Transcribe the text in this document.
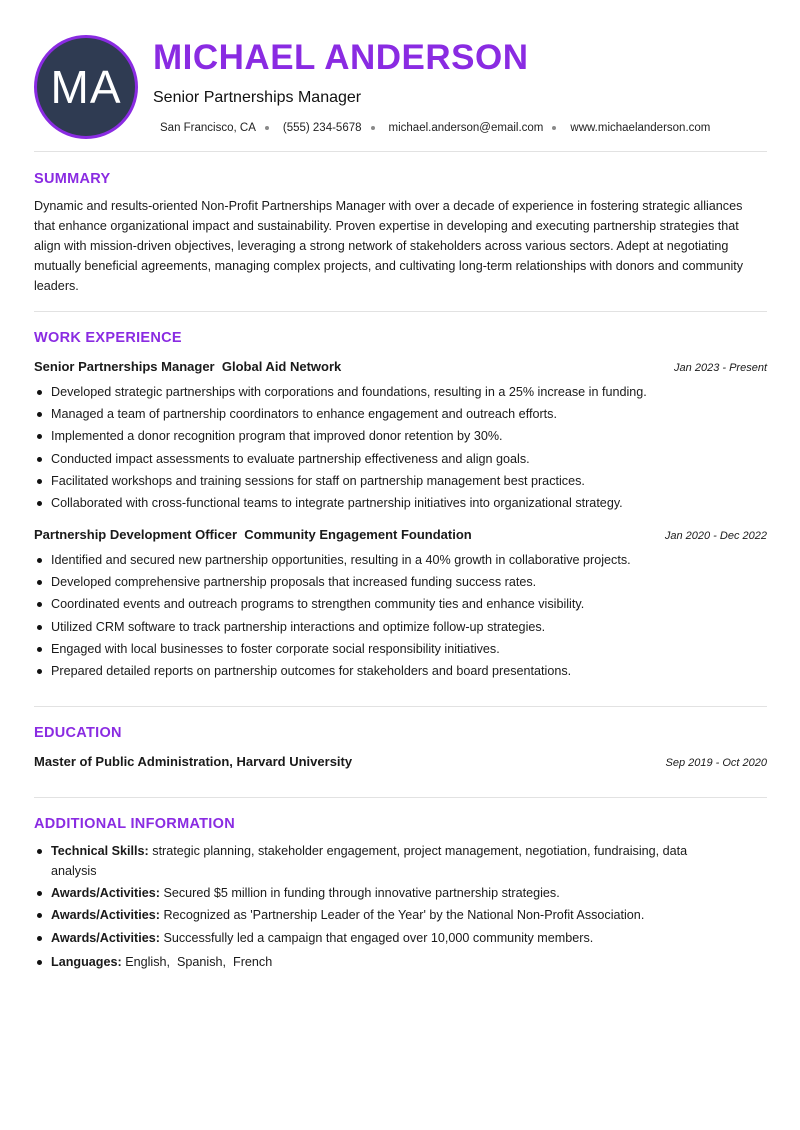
MA
MICHAEL ANDERSON
Senior Partnerships Manager
San Francisco, CA (555) 234-5678 michael.anderson@email.com www.michaelanderson.com
SUMMARY

Dynamic and results-oriented Non-Profit Partnerships Manager with over a decade of experience in fostering strategic alliances that enhance organizational impact and sustainability. Proven expertise in developing and executing partnership strategies that align with mission-driven objectives, leveraging a strong network of stakeholders across various sectors. Adept at negotiating mutually beneficial agreements, managing complex projects, and cultivating long-term relationships with donors and community leaders.

WORK EXPERIENCE
Senior Partnerships Manager Global Aid Network	Jan 2023 - Present
Developed strategic partnerships with corporations and foundations, resulting in a 25% increase in funding.
Managed a team of partnership coordinators to enhance engagement and outreach efforts.
Implemented a donor recognition program that improved donor retention by 30%.
Conducted impact assessments to evaluate partnership effectiveness and align goals.
Facilitated workshops and training sessions for staff on partnership management best practices.
Collaborated with cross-functional teams to integrate partnership initiatives into organizational strategy.
Partnership Development Officer Community Engagement Foundation	Jan 2020 - Dec 2022
Identified and secured new partnership opportunities, resulting in a 40% growth in collaborative projects.
Developed comprehensive partnership proposals that increased funding success rates.
Coordinated events and outreach programs to strengthen community ties and enhance visibility.
Utilized CRM software to track partnership interactions and optimize follow-up strategies.
Engaged with local businesses to foster corporate social responsibility initiatives.
Prepared detailed reports on partnership outcomes for stakeholders and board presentations.
EDUCATION
Master of Public Administration, Harvard University	Sep 2019 - Oct 2020
ADDITIONAL INFORMATION
Technical Skills: strategic planning, stakeholder engagement, project management, negotiation, fundraising, data analysis
Awards/Activities: Secured $5 million in funding through innovative partnership strategies.
Awards/Activities: Recognized as 'Partnership Leader of the Year' by the National Non-Profit Association.
Awards/Activities: Successfully led a campaign that engaged over 10,000 community members.
Languages: English,  Spanish,  French
